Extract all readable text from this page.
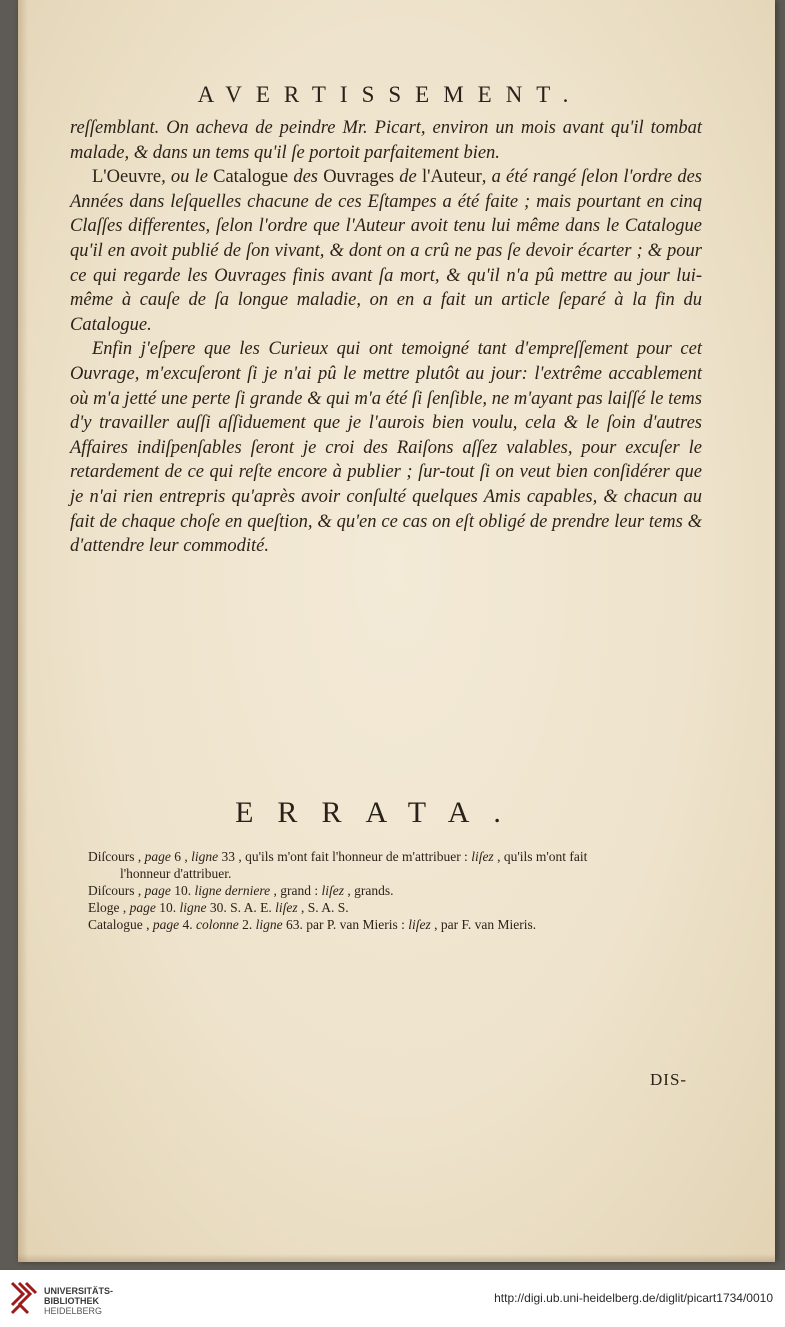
AVERTISSEMENT.

reſſemblant. On acheva de peindre Mr. Picart, environ un mois avant qu'il tombat malade, & dans un tems qu'il ſe portoit parfaitement bien.

L'Oeuvre, ou le Catalogue des Ouvrages de l'Auteur, a été rangé ſelon l'ordre des Années dans leſquelles chacune de ces Eſtampes a été faite ; mais pourtant en cinq Claſſes differentes, ſelon l'ordre que l'Auteur avoit tenu lui même dans le Catalogue qu'il en avoit publié de ſon vivant, & dont on a crû ne pas ſe devoir écarter ; & pour ce qui regarde les Ouvrages finis avant ſa mort, & qu'il n'a pû mettre au jour lui-même à cauſe de ſa longue maladie, on en a fait un article ſeparé à la fin du Catalogue.

Enfin j'eſpere que les Curieux qui ont temoigné tant d'empreſſement pour cet Ouvrage, m'excuſeront ſi je n'ai pû le mettre plutôt au jour: l'extrême accablement où m'a jetté une perte ſi grande & qui m'a été ſi ſenſible, ne m'ayant pas laiſſé le tems d'y travailler auſſi aſſiduement que je l'aurois bien voulu, cela & le ſoin d'autres Affaires indiſpenſables ſeront je croi des Raiſons aſſez valables, pour excuſer le retardement de ce qui reſte encore à publier ; ſur-tout ſi on veut bien conſidérer que je n'ai rien entrepris qu'après avoir conſulté quelques Amis capables, & chacun au fait de chaque choſe en queſtion, & qu'en ce cas on eſt obligé de prendre leur tems & d'attendre leur commodité.

ERRATA.

Diſcours , page 6 , ligne 33 , qu'ils m'ont fait l'honneur de m'attribuer : liſez , qu'ils m'ont fait

l'honneur d'attribuer.

Diſcours , page 10. ligne derniere , grand : liſez , grands.

Eloge , page 10. ligne 30. S. A. E. liſez , S. A. S.

Catalogue , page 4. colonne 2. ligne 63. par P. van Mieris : liſez , par F. van Mieris.

DIS-
UNIVERSITÄTS-
BIBLIOTHEK
HEIDELBERG
http://digi.ub.uni-heidelberg.de/diglit/picart1734/0010
